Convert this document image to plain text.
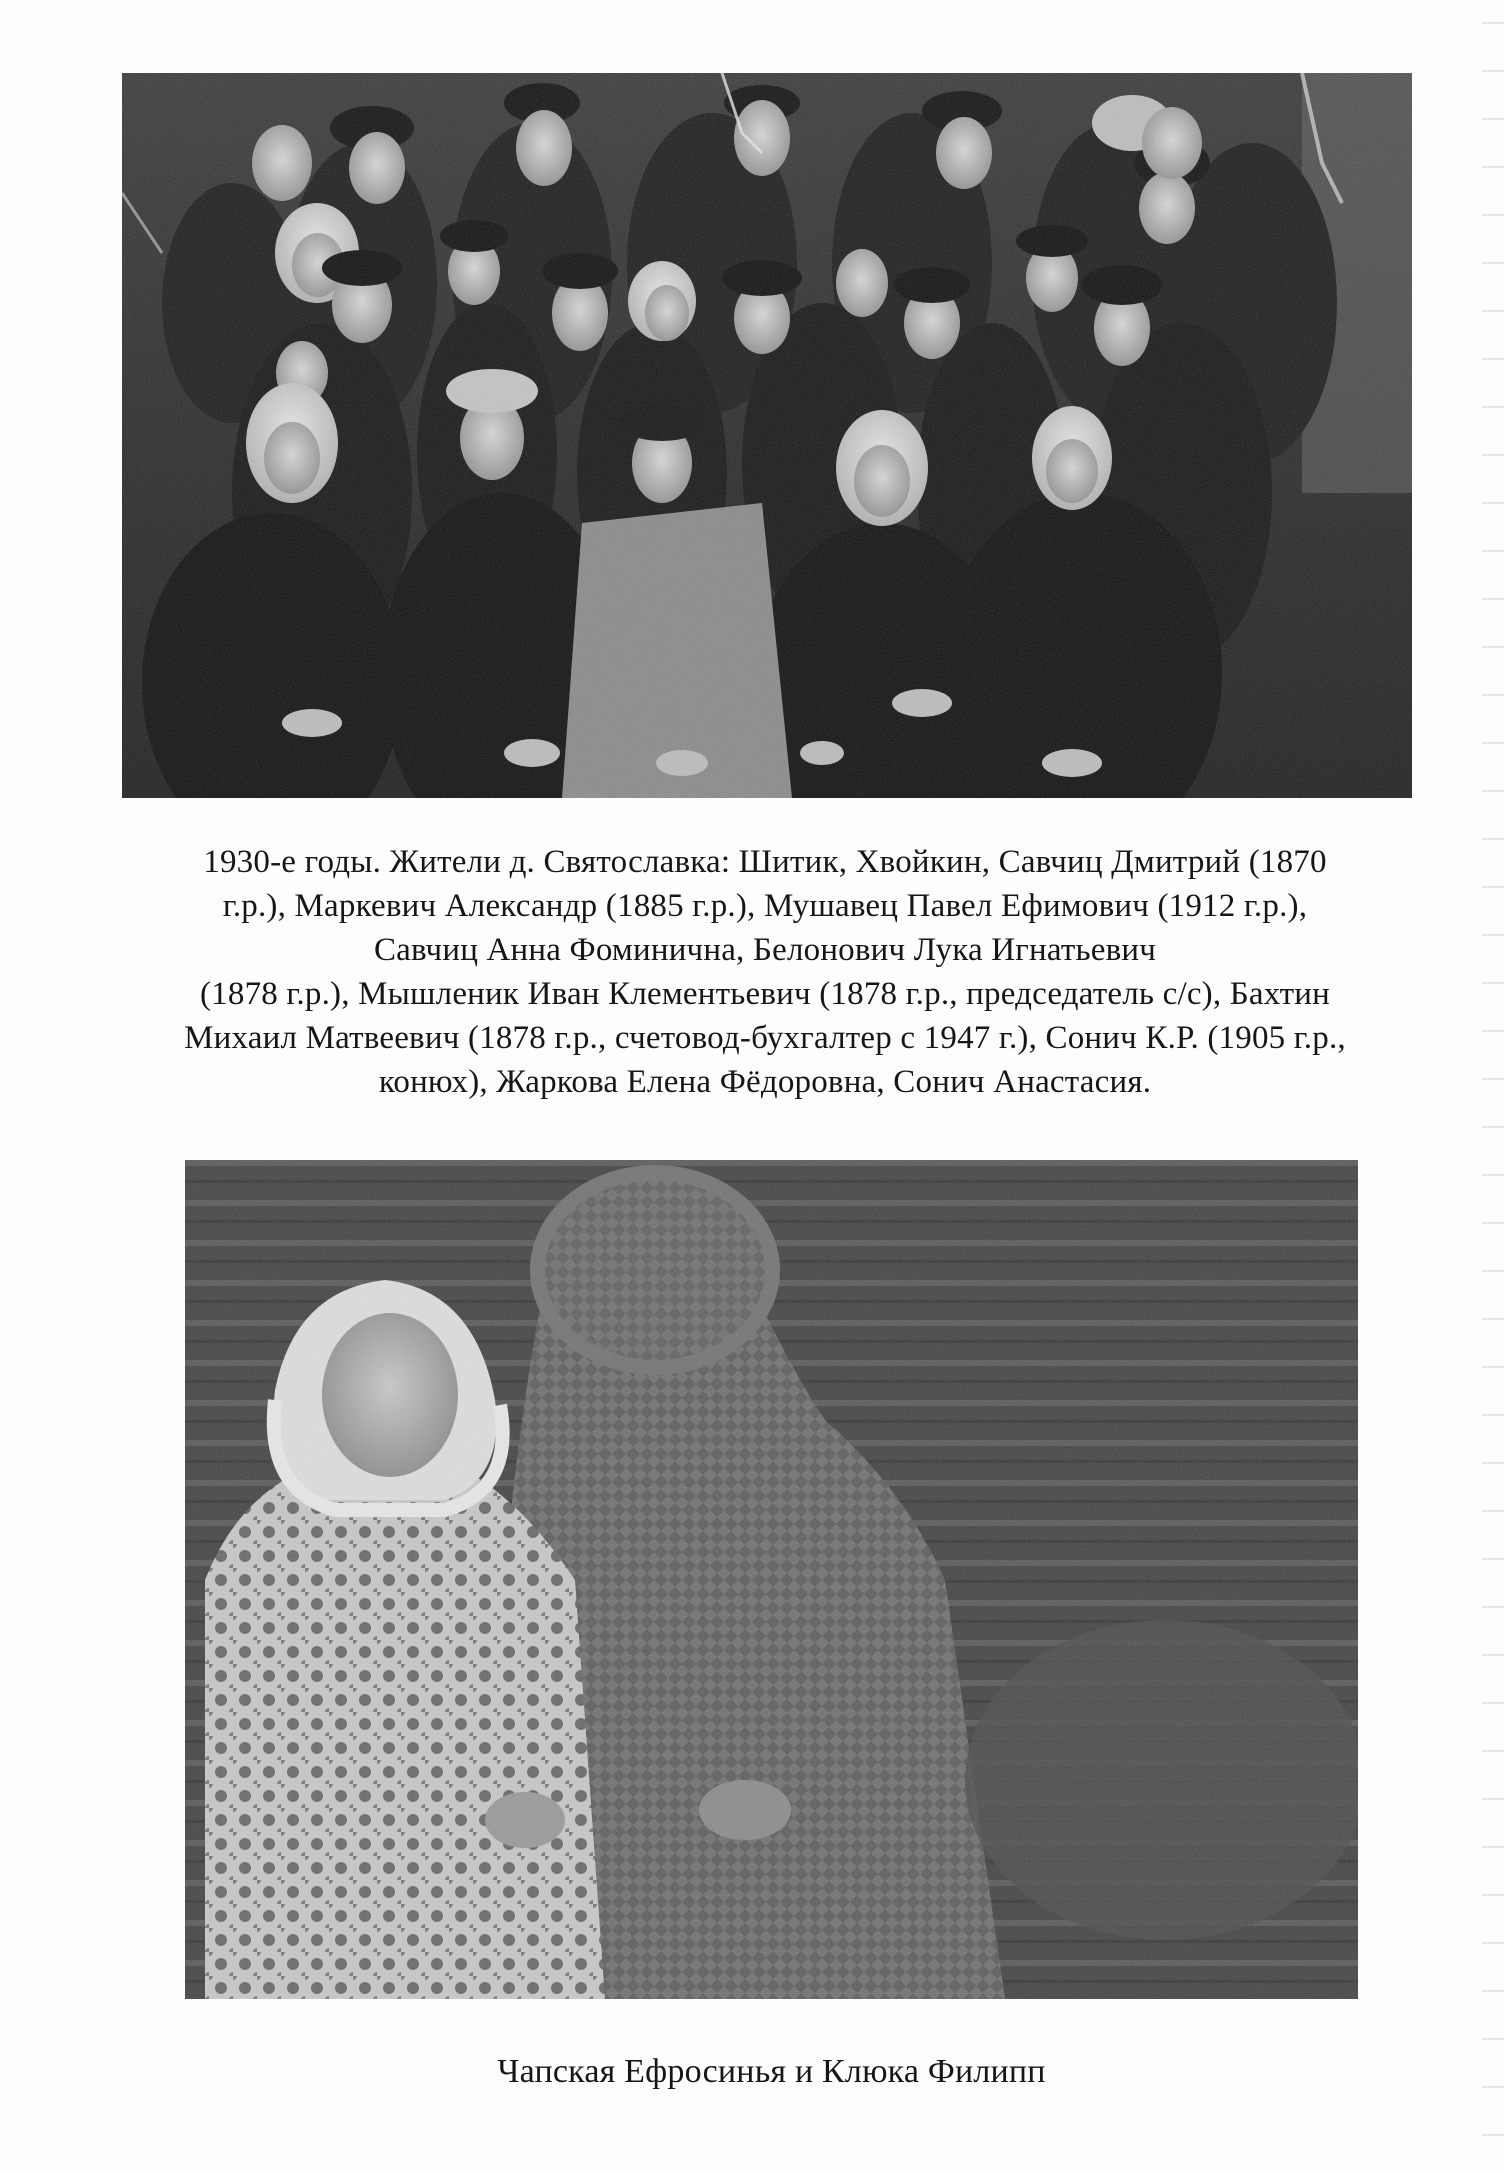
1930-е годы. Жители д. Святославка: Шитик, Хвойкин, Савчиц Дмитрий (1870
г.р.), Маркевич Александр (1885 г.р.), Мушавец Павел Ефимович (1912 г.р.),
Савчиц Анна Фоминична, Белонович Лука Игнатьевич
(1878 г.р.), Мышленик Иван Клементьевич (1878 г.р., председатель с/с), Бахтин
Михаил Матвеевич (1878 г.р., счетовод-бухгалтер с 1947 г.), Сонич К.Р. (1905 г.р.,
конюх), Жаркова Елена Фёдоровна, Сонич Анастасия.
Чапская Ефросинья и Клюка Филипп
